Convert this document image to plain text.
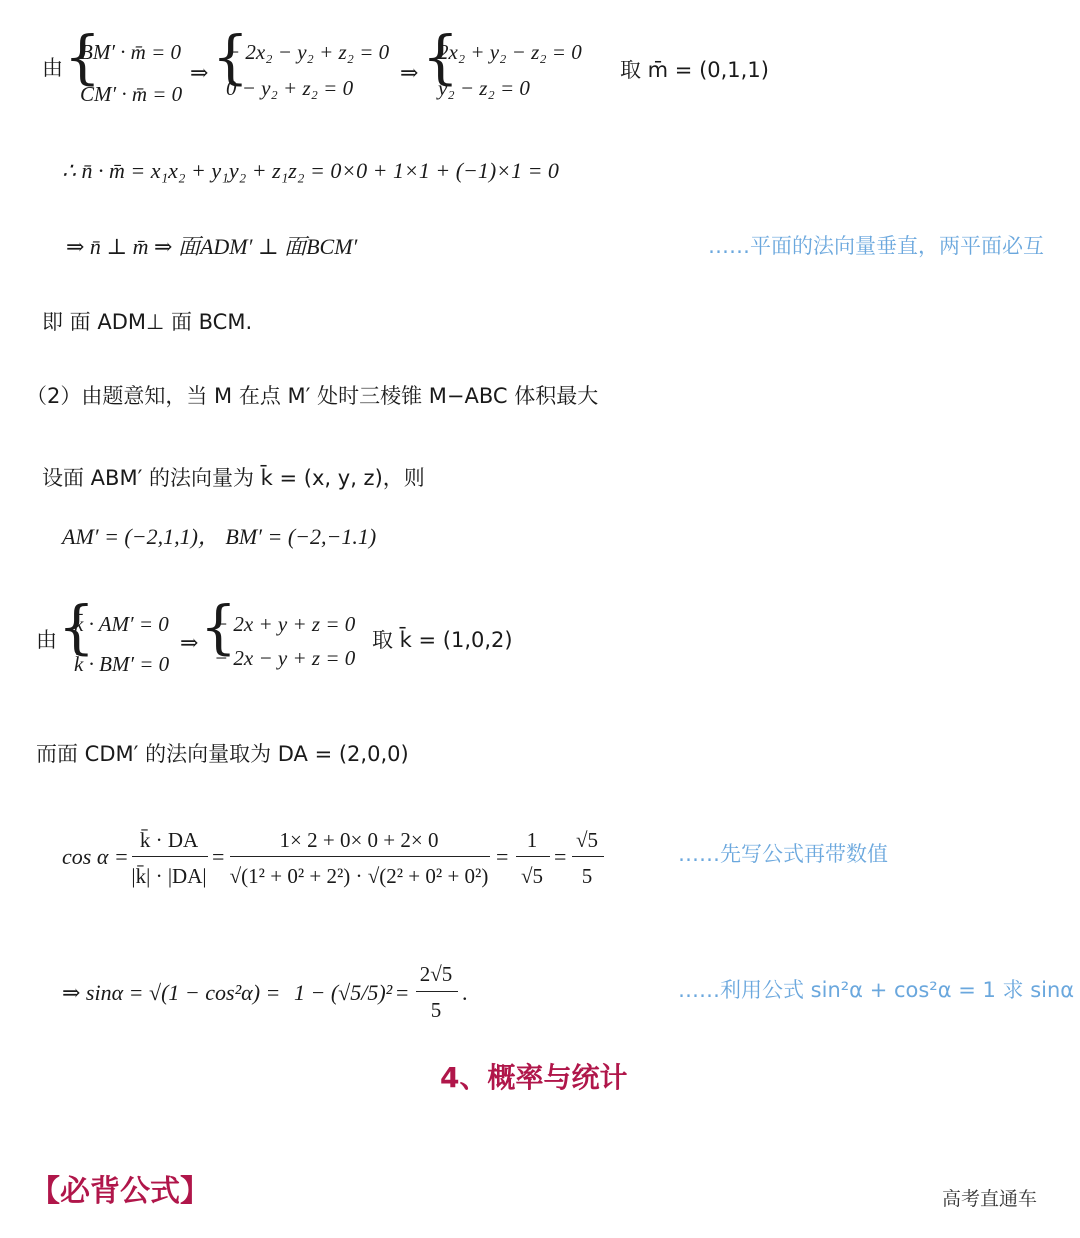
由 {
BM′ · m̄ = 0
CM′ · m̄ = 0
⇒ {
− 2x₂ − y₂ + z₂ = 0
0 − y₂ + z₂ = 0
⇒ {
2x₂ + y₂ − z₂ = 0
y₂ − z₂ = 0
取 m̄ = (0,1,1)
∴ n̄ · m̄ = x₁x₂ + y₁y₂ + z₁z₂ = 0×0 + 1×1 + (−1)×1 = 0
⇒ n̄ ⊥ m̄ ⇒ 面ADM′ ⊥ 面BCM′	……平面的法向量垂直，两平面必互
即 面 ADM⊥ 面 BCM.
（2）由题意知，当 M 在点 M′ 处时三棱锥 M−ABC 体积最大
设面 ABM′ 的法向量为 k̄ = (x, y, z)，则
AM′ = (−2,1,1)， BM′ = (−2,−1.1)
由 {
k̄ · AM′ = 0
k̄ · BM′ = 0
⇒ {
− 2x + y + z = 0
− 2x − y + z = 0
取 k̄ = (1,0,2)
而面 CDM′ 的法向量取为 DA = (2,0,0)
cos α =
k̄ · DA
|k̄| · |DA|
=
1× 2 + 0× 0 + 2× 0
√(1² + 0² + 2²) · √(2² + 0² + 0²)
=
1
√5
=
√5
5
……先写公式再带数值
⇒ sinα = √(1 − cos²α) = 1 − (√5/5)² =
2√5
5
.	……利用公式 sin²α + cos²α = 1 求 sinα
4、概率与统计
【必背公式】	高考直通车
